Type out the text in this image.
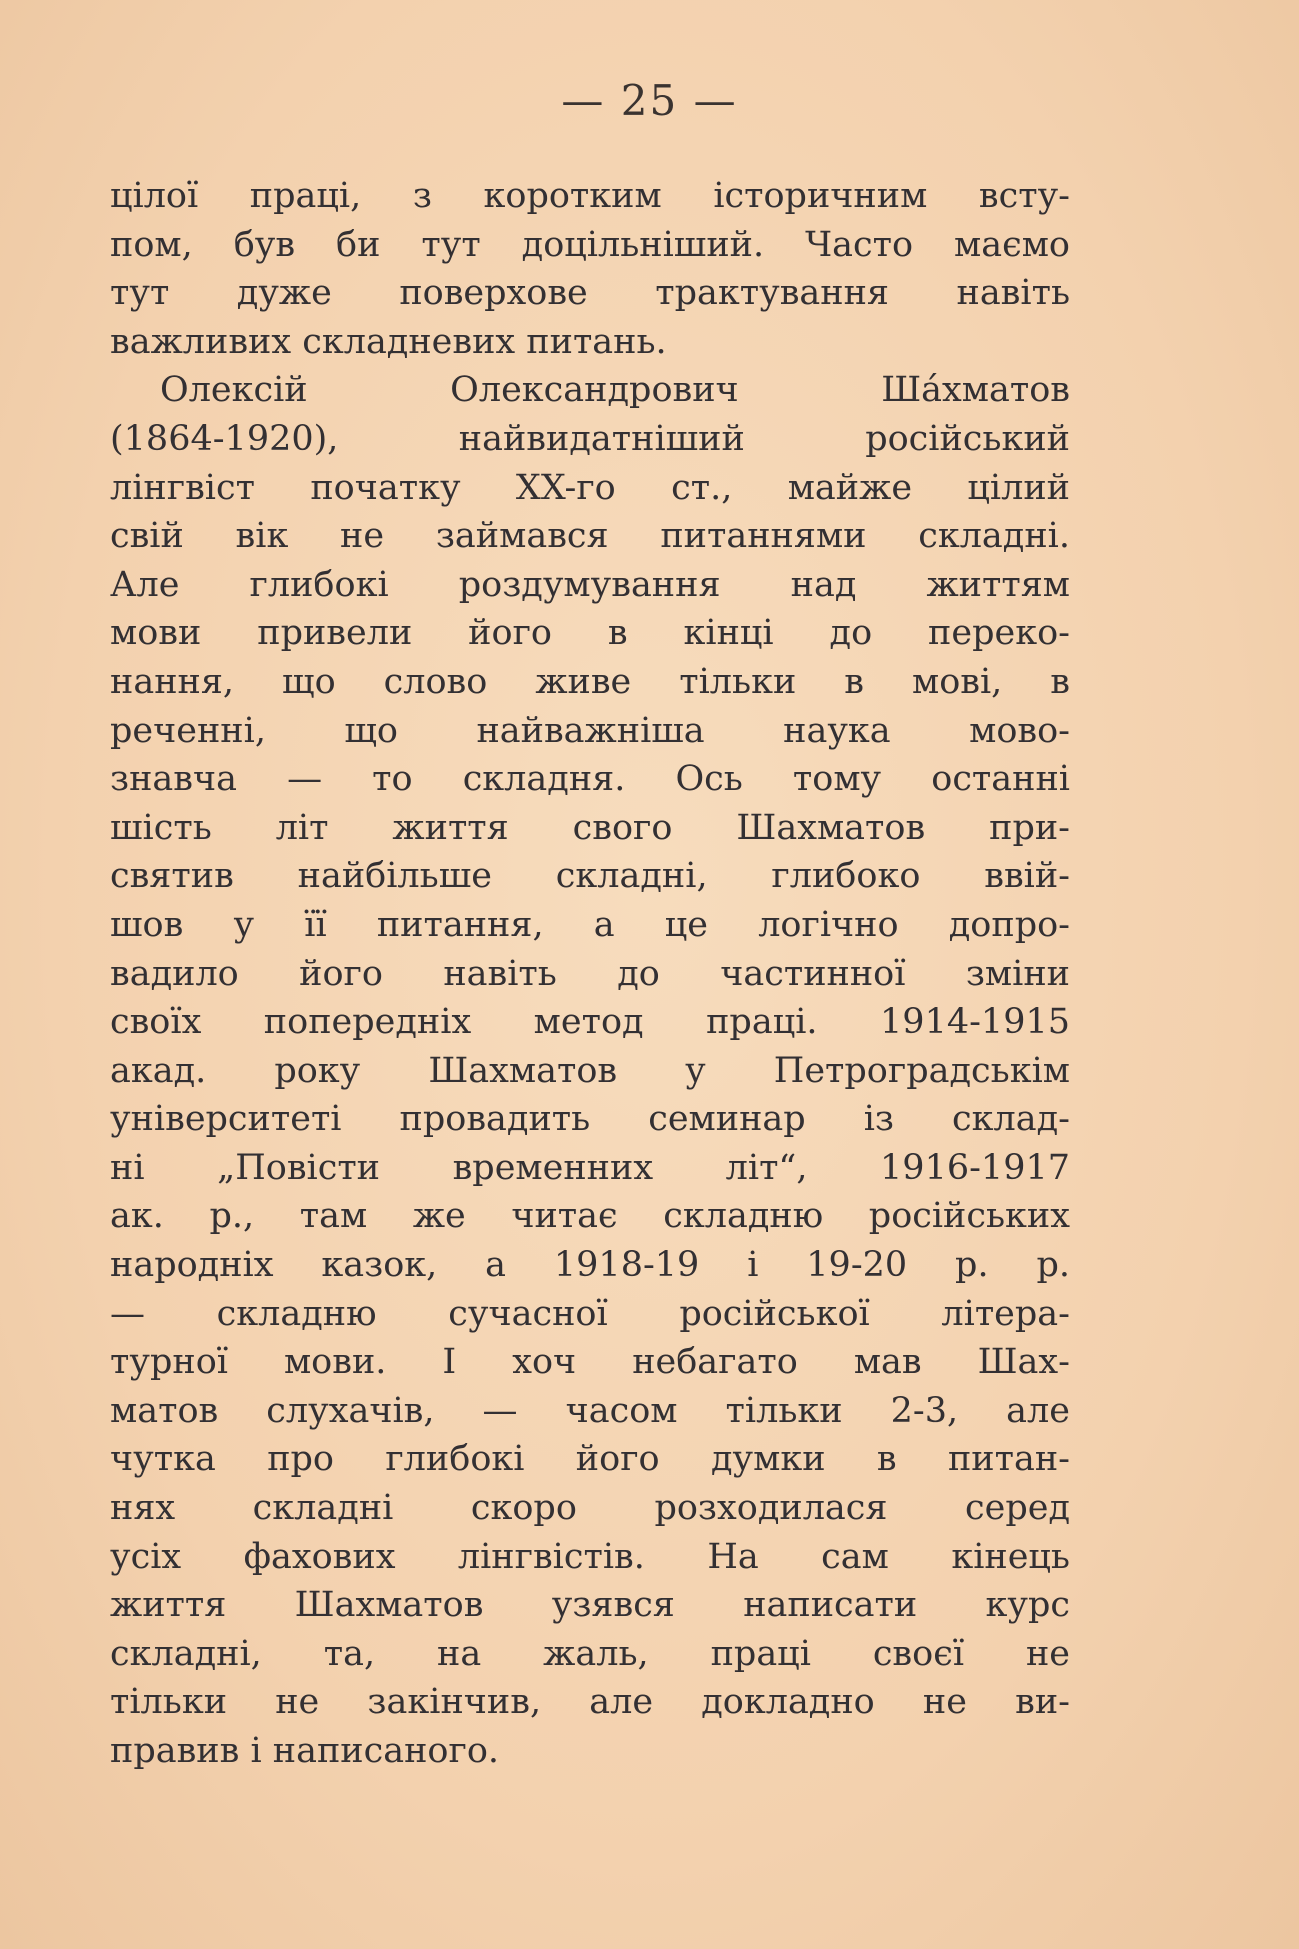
— 25 —
цілої праці, з коротким історичним всту-
пом, був би тут доцільніший. Часто маємо
тут дуже поверхове трактування навіть
важливих складневих питань.
Олексій Олександрович Ша́хматов
(1864-1920), найвидатніший російський
лінгвіст початку XX-го ст., майже цілий
свій вік не займався питаннями складні.
Але глибокі роздумування над життям
мови привели його в кінці до переко-
нання, що слово живе тільки в мові, в
реченні, що найважніша наука мово-
знавча — то складня. Ось тому останні
шість літ життя свого Шахматов при-
святив найбільше складні, глибоко ввій-
шов у її питання, а це логічно допро-
вадило його навіть до частинної зміни
своїх попередніх метод праці. 1914-1915
акад. року Шахматов у Петроградськім
університеті провадить семинар із склад-
ні „Повісти временних літ“, 1916-1917
ак. р., там же читає складню російських
народніх казок, а 1918-19 і 19-20 р. р.
— складню сучасної російської літера-
турної мови. І хоч небагато мав Шах-
матов слухачів, — часом тільки 2-3, але
чутка про глибокі його думки в питан-
нях складні скоро розходилася серед
усіх фахових лінгвістів. На сам кінець
життя Шахматов узявся написати курс
складні, та, на жаль, праці своєї не
тільки не закінчив, але докладно не ви-
правив і написаного.
